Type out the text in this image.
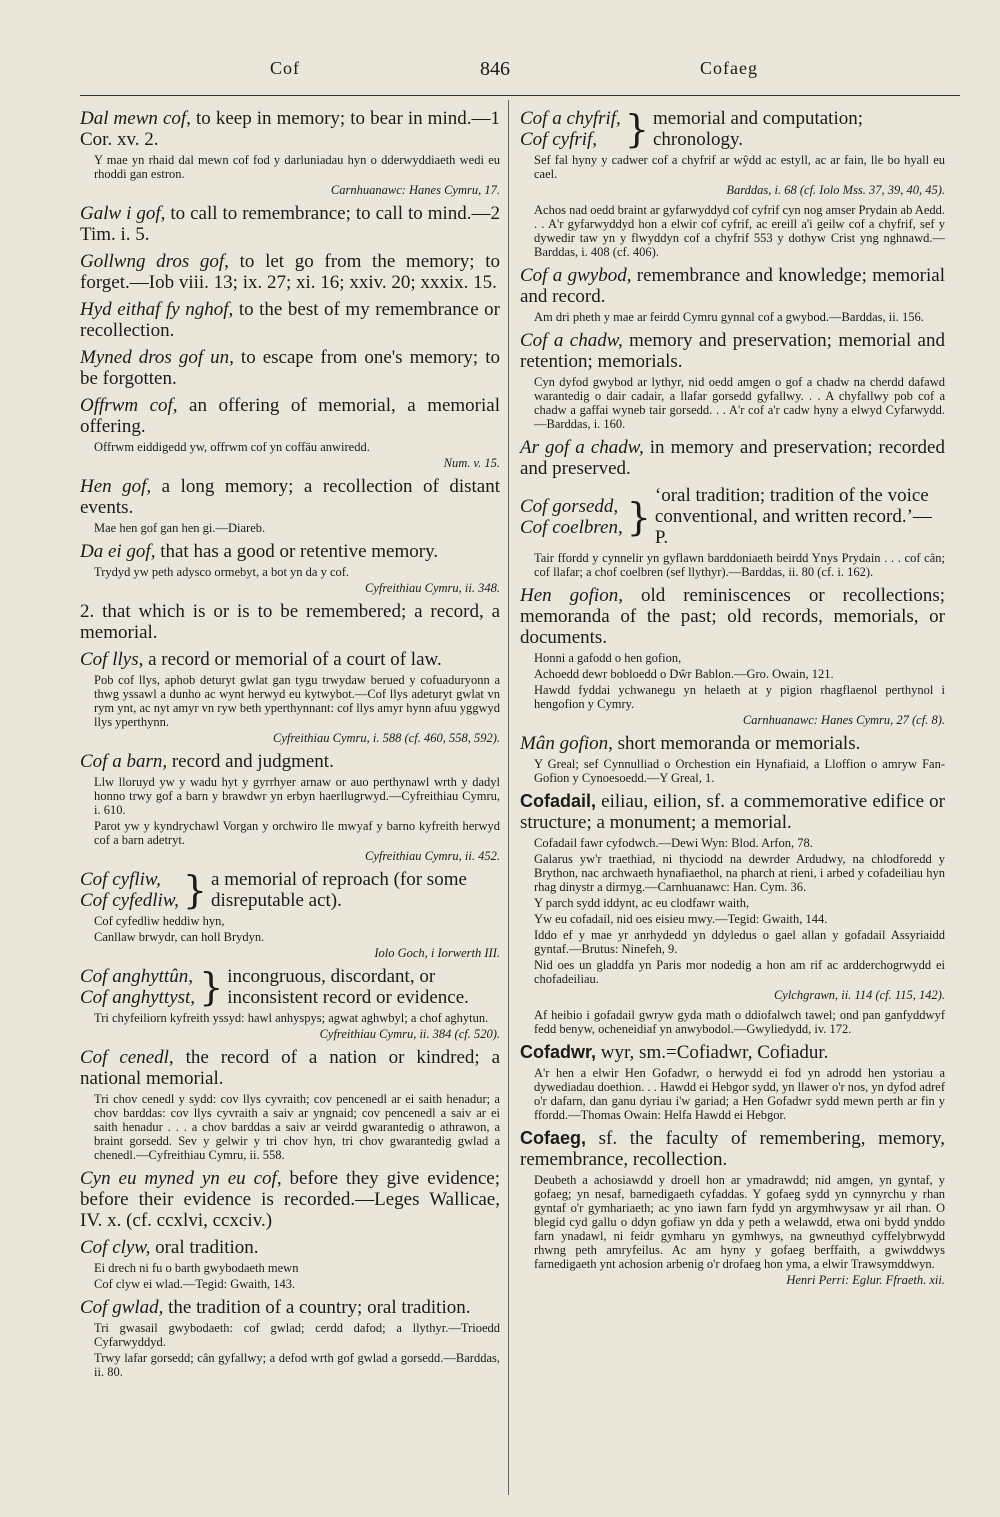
Cof	846	Cofaeg

Dal mewn cof, to keep in memory; to bear in mind.—1 Cor. xv. 2.

Y mae yn rhaid dal mewn cof fod y darluniadau hyn o dderwyddiaeth wedi eu rhoddi gan estron.

Carnhuanawc: Hanes Cymru, 17.

Galw i gof, to call to remembrance; to call to mind.—2 Tim. i. 5.

Gollwng dros gof, to let go from the memory; to forget.—Iob viii. 13; ix. 27; xi. 16; xxiv. 20; xxxix. 15.

Hyd eithaf fy nghof, to the best of my remembrance or recollection.

Myned dros gof un, to escape from one's memory; to be forgotten.

Offrwm cof, an offering of memorial, a memorial offering.

Offrwm eiddigedd yw, offrwm cof yn coffäu anwiredd.

Num. v. 15.

Hen gof, a long memory; a recollection of distant events.

Mae hen gof gan hen gi.—Diareb.

Da ei gof, that has a good or retentive memory.

Trydyd yw peth adysco ormebyt, a bot yn da y cof.

Cyfreithiau Cymru, ii. 348.

2. that which is or is to be remembered; a record, a memorial.

Cof llys, a record or memorial of a court of law.

Pob cof llys, aphob deturyt gwlat gan tygu trwydaw berued y cofuaduryonn a thwg yssawl a dunho ac wynt herwyd eu kytwybot.—Cof llys adeturyt gwlat vn rym ynt, ac nyt amyr vn ryw beth yperthynnant: cof llys amyr hynn afuu yggwyd llys yperthynn.

Cyfreithiau Cymru, i. 588 (cf. 460, 558, 592).

Cof a barn, record and judgment.

Llw lloruyd yw y wadu hyt y gyrrhyer arnaw or auo perthynawl wrth y dadyl honno trwy gof a barn y brawdwr yn erbyn haerllugrwyd.—Cyfreithiau Cymru, i. 610.

Parot yw y kyndrychawl Vorgan y orchwiro lle mwyaf y barno kyfreith herwyd cof a barn adetryt.

Cyfreithiau Cymru, ii. 452.

Cof cyfliw,
Cof cyfedliw, } a memorial of reproach (for some disreputable act).

Cof cyfedliw heddiw hyn,

Canllaw brwydr, can holl Brydyn.

Iolo Goch, i Iorwerth III.

Cof anghyttûn,
Cof anghyttyst, } incongruous, discordant, or inconsistent record or evidence.

Tri chyfeiliorn kyfreith yssyd: hawl anhyspys; agwat aghwbyl; a chof aghytun.

Cyfreithiau Cymru, ii. 384 (cf. 520).

Cof cenedl, the record of a nation or kindred; a national memorial.

Tri chov cenedl y sydd: cov llys cyvraith; cov pencenedl ar ei saith henadur; a chov barddas: cov llys cyvraith a saiv ar yngnaid; cov pencenedl a saiv ar ei saith henadur . . . a chov barddas a saiv ar veirdd gwarantedig o athrawon, a braint gorsedd. Sev y gelwir y tri chov hyn, tri chov gwarantedig gwlad a chenedl.—Cyfreithiau Cymru, ii. 558.

Cyn eu myned yn eu cof, before they give evidence; before their evidence is recorded.—Leges Wallicae, IV. x. (cf. ccxlvi, ccxciv.)

Cof clyw, oral tradition.

Ei drech ni fu o barth gwybodaeth mewn

Cof clyw ei wlad.—Tegid: Gwaith, 143.

Cof gwlad, the tradition of a country; oral tradition.

Tri gwasail gwybodaeth: cof gwlad; cerdd dafod; a llythyr.—Trioedd Cyfarwyddyd.

Trwy lafar gorsedd; cân gyfallwy; a defod wrth gof gwlad a gorsedd.—Barddas, ii. 80.

Cof a chyfrif,
Cof cyfrif, } memorial and computation; chronology.

Sef fal hyny y cadwer cof a chyfrif ar wŷdd ac estyll, ac ar fain, lle bo hyall eu cael.

Barddas, i. 68 (cf. Iolo Mss. 37, 39, 40, 45).

Achos nad oedd braint ar gyfarwyddyd cof cyfrif cyn nog amser Prydain ab Aedd. . . A'r gyfarwyddyd hon a elwir cof cyfrif, ac ereill a'i geilw cof a chyfrif, sef y dywedir taw yn y flwyddyn cof a chyfrif 553 y dothyw Crist yng nghnawd.—Barddas, i. 408 (cf. 406).

Cof a gwybod, remembrance and knowledge; memorial and record.

Am dri pheth y mae ar feirdd Cymru gynnal cof a gwybod.—Barddas, ii. 156.

Cof a chadw, memory and preservation; memorial and retention; memorials.

Cyn dyfod gwybod ar lythyr, nid oedd amgen o gof a chadw na cherdd dafawd warantedig o dair cadair, a llafar gorsedd gyfallwy. . . A chyfallwy pob cof a chadw a gaffai wyneb tair gorsedd. . . A'r cof a'r cadw hyny a elwyd Cyfarwydd.—Barddas, i. 160.

Ar gof a chadw, in memory and preservation; recorded and preserved.

Cof gorsedd,
Cof coelbren, } ‘oral tradition; tradition of the voice conventional, and written record.’—P.

Tair ffordd y cynnelir yn gyflawn barddoniaeth beirdd Ynys Prydain . . . cof cân; cof llafar; a chof coelbren (sef llythyr).—Barddas, ii. 80 (cf. i. 162).

Hen gofion, old reminiscences or recollections; memoranda of the past; old records, memorials, or documents.

Honni a gafodd o hen gofion,

Achoedd dewr bobloedd o Dŵr Bablon.—Gro. Owain, 121.

Hawdd fyddai ychwanegu yn helaeth at y pigion rhagflaenol perthynol i hengofion y Cymry.

Carnhuanawc: Hanes Cymru, 27 (cf. 8).

Mân gofion, short memoranda or memorials.

Y Greal; sef Cynnulliad o Orchestion ein Hynafiaid, a Lloffion o amryw Fan-Gofion y Cynoesoedd.—Y Greal, 1.

Cofadail, eiliau, eilion, sf. a commemorative edifice or structure; a monument; a memorial.

Cofadail fawr cyfodwch.—Dewi Wyn: Blod. Arfon, 78.

Galarus yw'r traethiad, ni thyciodd na dewrder Ardudwy, na chlodforedd y Brython, nac archwaeth hynafiaethol, na pharch at rieni, i arbed y cofadeiliau hyn rhag dinystr a dirmyg.—Carnhuanawc: Han. Cym. 36.

Y parch sydd iddynt, ac eu clodfawr waith,

Yw eu cofadail, nid oes eisieu mwy.—Tegid: Gwaith, 144.

Iddo ef y mae yr anrhydedd yn ddyledus o gael allan y gofadail Assyriaidd gyntaf.—Brutus: Ninefeh, 9.

Nid oes un gladdfa yn Paris mor nodedig a hon am rif ac ardderchogrwydd ei chofadeiliau.

Cylchgrawn, ii. 114 (cf. 115, 142).

Af heibio i gofadail gwryw gyda math o ddiofalwch tawel; ond pan ganfyddwyf fedd benyw, ocheneidiaf yn anwybodol.—Gwyliedydd, iv. 172.

Cofadwr, wyr, sm.=Cofiadwr, Cofiadur.

A'r hen a elwir Hen Gofadwr, o herwydd ei fod yn adrodd hen ystoriau a dywediadau doethion. . . Hawdd ei Hebgor sydd, yn llawer o'r nos, yn dyfod adref o'r dafarn, dan ganu dyriau i'w gariad; a Hen Gofadwr sydd mewn perth ar fin y ffordd.—Thomas Owain: Helfa Hawdd ei Hebgor.

Cofaeg, sf. the faculty of remembering, memory, remembrance, recollection.

Deubeth a achosiawdd y droell hon ar ymadrawdd; nid amgen, yn gyntaf, y gofaeg; yn nesaf, barnedigaeth cyfaddas. Y gofaeg sydd yn cynnyrchu y rhan gyntaf o'r gymhariaeth; ac yno iawn farn fydd yn argymhwysaw yr ail rhan. O blegid cyd gallu o ddyn gofiaw yn dda y peth a welawdd, etwa oni bydd ynddo farn ynadawl, ni feidr gymharu yn gymhwys, na gwneuthyd cyffelybrwydd rhwng peth amryfeilus. Ac am hyny y gofaeg berffaith, a gwiwddwys farnedigaeth ynt achosion arbenig o'r drofaeg hon yma, a elwir Trawsymddwyn.

Henri Perri: Eglur. Ffraeth. xii.
